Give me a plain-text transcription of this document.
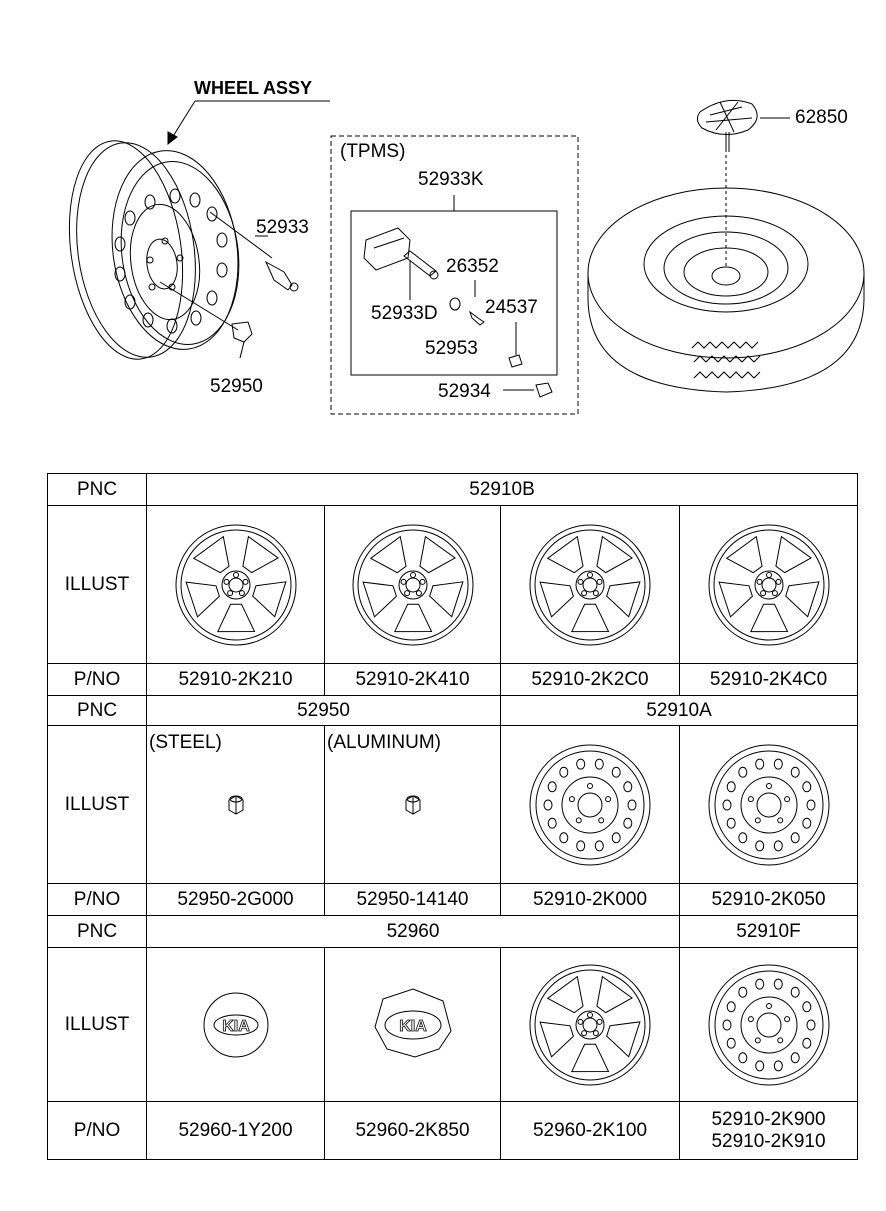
WHEEL ASSY
(TPMS)
52933K
52933
26352
52933D 24537
52953
52934
52950
62850
PNC	52910B			
ILLUST	

P/NO	52910-2K210	52910-2K410	52910-2K2C0	52910-2K4C0
PNC	52950		52910A	
ILLUST	(STEEL)	(ALUMINUM)

P/NO	52950-2G000	52950-14140	52910-2K000	52910-2K050
PNC	52960			52910F
ILLUST	KIA	KIA

P/NO	52960-1Y200	52960-2K850	52960-2K100	52910-2K900
52910-2K910
